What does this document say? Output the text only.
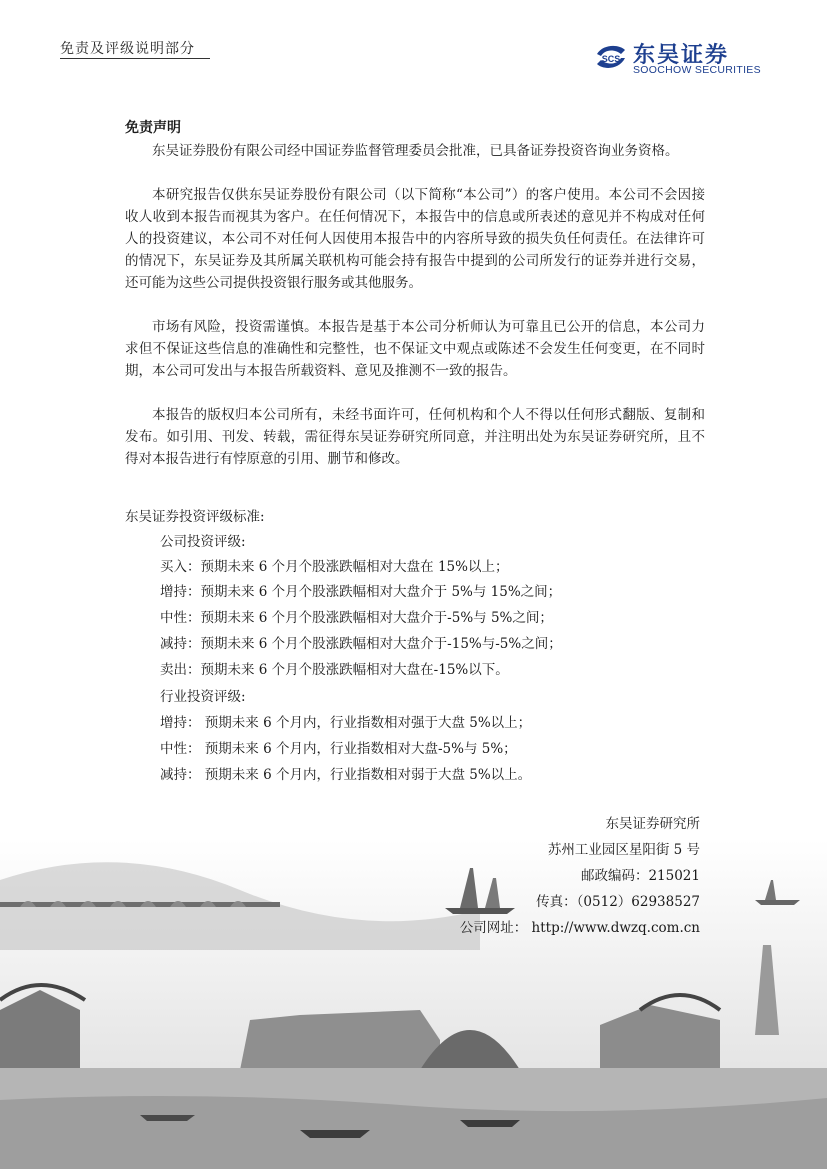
免责及评级说明部分
SCS 东吴证券
SOOCHOW SECURITIES
免责声明

东吴证券股份有限公司经中国证券监督管理委员会批准，已具备证券投资咨询业务资格。

本研究报告仅供东吴证券股份有限公司（以下简称“本公司”）的客户使用。本公司不会因接收人收到本报告而视其为客户。在任何情况下，本报告中的信息或所表述的意见并不构成对任何人的投资建议，本公司不对任何人因使用本报告中的内容所导致的损失负任何责任。在法律许可的情况下，东吴证券及其所属关联机构可能会持有报告中提到的公司所发行的证券并进行交易，还可能为这些公司提供投资银行服务或其他服务。

市场有风险，投资需谨慎。本报告是基于本公司分析师认为可靠且已公开的信息，本公司力求但不保证这些信息的准确性和完整性，也不保证文中观点或陈述不会发生任何变更，在不同时期，本公司可发出与本报告所载资料、意见及推测不一致的报告。

本报告的版权归本公司所有，未经书面许可，任何机构和个人不得以任何形式翻版、复制和发布。如引用、刊发、转载，需征得东吴证券研究所同意，并注明出处为东吴证券研究所，且不得对本报告进行有悖原意的引用、删节和修改。

东吴证券投资评级标准:
公司投资评级:
买入：预期未来 6 个月个股涨跌幅相对大盘在 15%以上；
增持：预期未来 6 个月个股涨跌幅相对大盘介于 5%与 15%之间；
中性：预期未来 6 个月个股涨跌幅相对大盘介于-5%与 5%之间；
减持：预期未来 6 个月个股涨跌幅相对大盘介于-15%与-5%之间；
卖出：预期未来 6 个月个股涨跌幅相对大盘在-15%以下。
行业投资评级:
增持： 预期未来 6 个月内，行业指数相对强于大盘 5%以上；
中性： 预期未来 6 个月内，行业指数相对大盘-5%与 5%；
减持： 预期未来 6 个月内，行业指数相对弱于大盘 5%以上。
东吴证券研究所
苏州工业园区星阳街 5 号
邮政编码：215021
传真：（0512）62938527
公司网址： http://www.dwzq.com.cn
